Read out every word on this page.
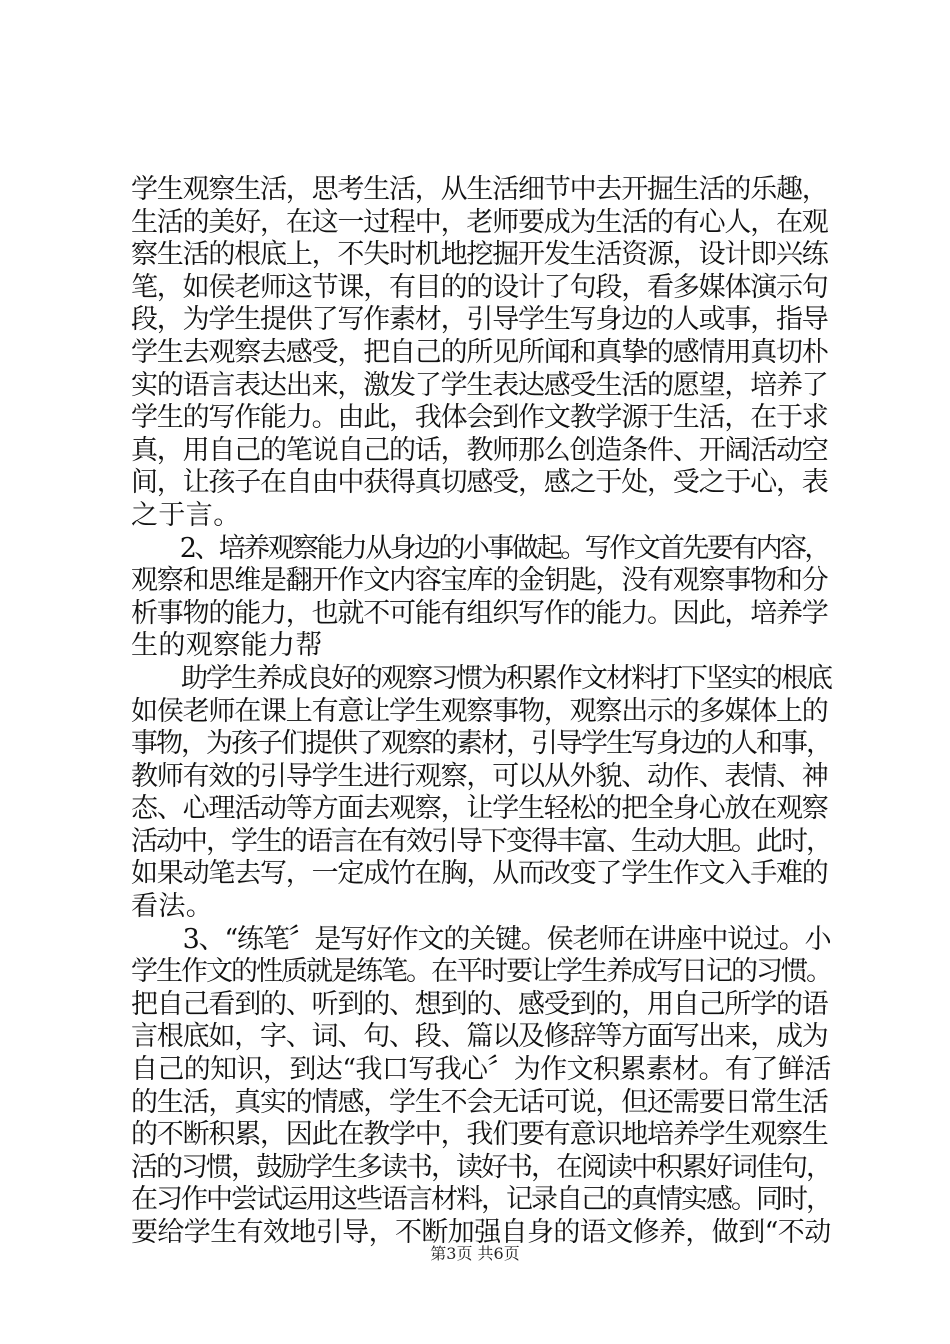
学生观察生活，思考生活，从生活细节中去开掘生活的乐趣，
生活的美好，在这一过程中，老师要成为生活的有心人，在观
察生活的根底上，不失时机地挖掘开发生活资源，设计即兴练
笔，如侯老师这节课，有目的的设计了句段，看多媒体演示句
段，为学生提供了写作素材，引导学生写身边的人或事，指导
学生去观察去感受，把自己的所见所闻和真挚的感情用真切朴
实的语言表达出来，激发了学生表达感受生活的愿望，培养了
学生的写作能力。由此，我体会到作文教学源于生活，在于求
真，用自己的笔说自己的话，教师那么创造条件、开阔活动空
间，让孩子在自由中获得真切感受，感之于处，受之于心，表
之于言。
　　2、培养观察能力从身边的小事做起。写作文首先要有内容，
观察和思维是翻开作文内容宝库的金钥匙，没有观察事物和分
析事物的能力，也就不可能有组织写作的能力。因此，培养学
生的观察能力帮
　　助学生养成良好的观察习惯为积累作文材料打下坚实的根底
如侯老师在课上有意让学生观察事物，观察出示的多媒体上的
事物，为孩子们提供了观察的素材，引导学生写身边的人和事，
教师有效的引导学生进行观察，可以从外貌、动作、表情、神
态、心理活动等方面去观察，让学生轻松的把全身心放在观察
活动中，学生的语言在有效引导下变得丰富、生动大胆。此时，
如果动笔去写，一定成竹在胸，从而改变了学生作文入手难的
看法。
　　3、“练笔〞是写好作文的关键。侯老师在讲座中说过。小
学生作文的性质就是练笔。在平时要让学生养成写日记的习惯。
把自己看到的、听到的、想到的、感受到的，用自己所学的语
言根底如，字、词、句、段、篇以及修辞等方面写出来，成为
自己的知识，到达“我口写我心〞为作文积累素材。有了鲜活
的生活，真实的情感，学生不会无话可说，但还需要日常生活
的不断积累，因此在教学中，我们要有意识地培养学生观察生
活的习惯，鼓励学生多读书，读好书，在阅读中积累好词佳句，
在习作中尝试运用这些语言材料，记录自己的真情实感。同时，
要给学生有效地引导，不断加强自身的语文修养，做到“不动
第3页 共6页
